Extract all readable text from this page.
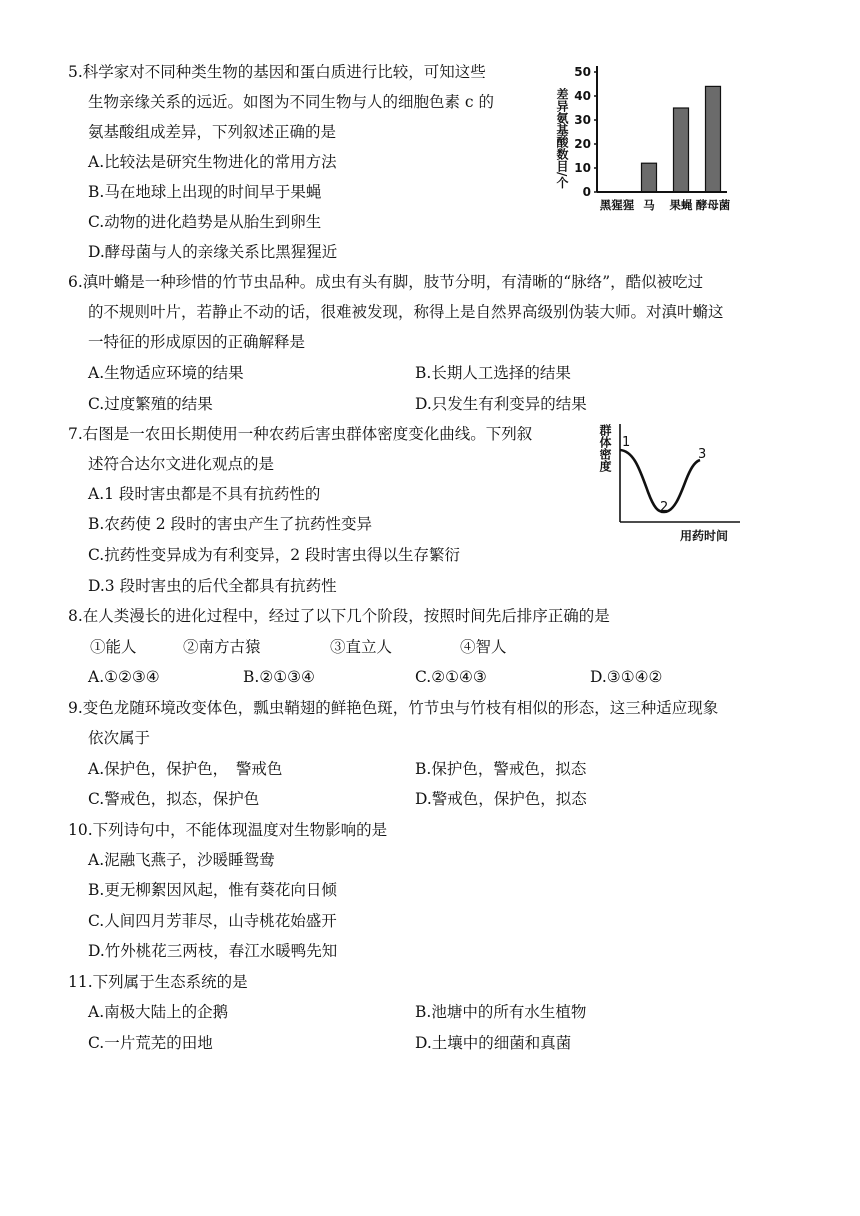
5.科学家对不同种类生物的基因和蛋白质进行比较，可知这些
生物亲缘关系的远近。如图为不同生物与人的细胞色素 c 的
氨基酸组成差异，下列叙述正确的是
A.比较法是研究生物进化的常用方法
B.马在地球上出现的时间早于果蝇
C.动物的进化趋势是从胎生到卵生
D.酵母菌与人的亲缘关系比黑猩猩近
差异氨基酸数目/个
50
40
30
20
10
0
黑猩猩 马 果蝇 酵母菌
6.滇叶䗛是一种珍惜的竹节虫品种。成虫有头有脚，肢节分明，有清晰的“脉络”，酷似被吃过
的不规则叶片，若静止不动的话，很难被发现，称得上是自然界高级别伪装大师。对滇叶䗛这
一特征的形成原因的正确解释是
A.生物适应环境的结果	B.长期人工选择的结果
C.过度繁殖的结果	D.只发生有利变异的结果
7.右图是一农田长期使用一种农药后害虫群体密度变化曲线。下列叙
述符合达尔文进化观点的是
A.1 段时害虫都是不具有抗药性的
B.农药使 2 段时的害虫产生了抗药性变异
C.抗药性变异成为有利变异，2 段时害虫得以生存繁衍
D.3 段时害虫的后代全都具有抗药性
群体密度 1
2
3
用药时间
8.在人类漫长的进化过程中，经过了以下几个阶段，按照时间先后排序正确的是
①能人	②南方古猿	③直立人	④智人
A.①②③④	B.②①③④	C.②①④③	D.③①④②
9.变色龙随环境改变体色，瓢虫鞘翅的鲜艳色斑，竹节虫与竹枝有相似的形态，这三种适应现象
依次属于
A.保护色，保护色，　警戒色	B.保护色，警戒色，拟态
C.警戒色，拟态，保护色	D.警戒色，保护色，拟态
10.下列诗句中，不能体现温度对生物影响的是
A.泥融飞燕子，沙暖睡鸳鸯
B.更无柳絮因风起，惟有葵花向日倾
C.人间四月芳菲尽，山寺桃花始盛开
D.竹外桃花三两枝，春江水暖鸭先知
11.下列属于生态系统的是
A.南极大陆上的企鹅	B.池塘中的所有水生植物
C.一片荒芜的田地	D.土壤中的细菌和真菌
